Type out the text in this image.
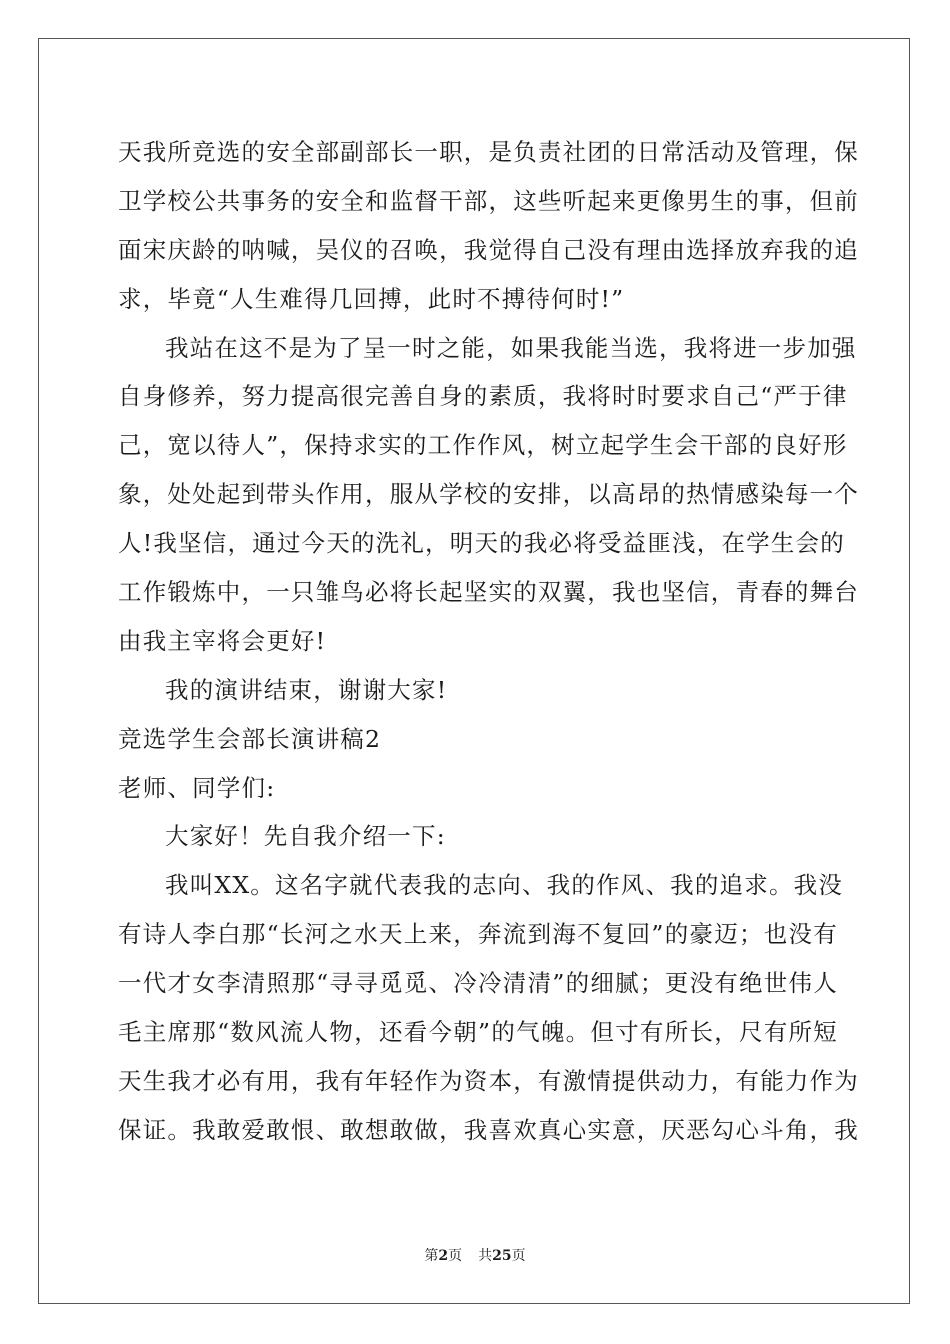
天我所竞选的安全部副部长一职，是负责社团的日常活动及管理，保
卫学校公共事务的安全和监督干部，这些听起来更像男生的事，但前
面宋庆龄的呐喊，吴仪的召唤，我觉得自己没有理由选择放弃我的追
求，毕竟“人生难得几回搏，此时不搏待何时!”
我站在这不是为了呈一时之能，如果我能当选，我将进一步加强
自身修养，努力提高很完善自身的素质，我将时时要求自己“严于律
己，宽以待人”，保持求实的工作作风，树立起学生会干部的良好形
象，处处起到带头作用，服从学校的安排，以高昂的热情感染每一个
人!我坚信，通过今天的洗礼，明天的我必将受益匪浅，在学生会的
工作锻炼中，一只雏鸟必将长起坚实的双翼，我也坚信，青春的舞台
由我主宰将会更好!
我的演讲结束，谢谢大家!
竞选学生会部长演讲稿2
老师、同学们:
大家好！先自我介绍一下:
我叫XX。这名字就代表我的志向、我的作风、我的追求。我没
有诗人李白那“长河之水天上来，奔流到海不复回”的豪迈；也没有
一代才女李清照那“寻寻觅觅、冷冷清清”的细腻；更没有绝世伟人
毛主席那“数风流人物，还看今朝”的气魄。但寸有所长，尺有所短
天生我才必有用，我有年轻作为资本，有激情提供动力，有能力作为
保证。我敢爱敢恨、敢想敢做，我喜欢真心实意，厌恶勾心斗角，我
第2页 共25页
